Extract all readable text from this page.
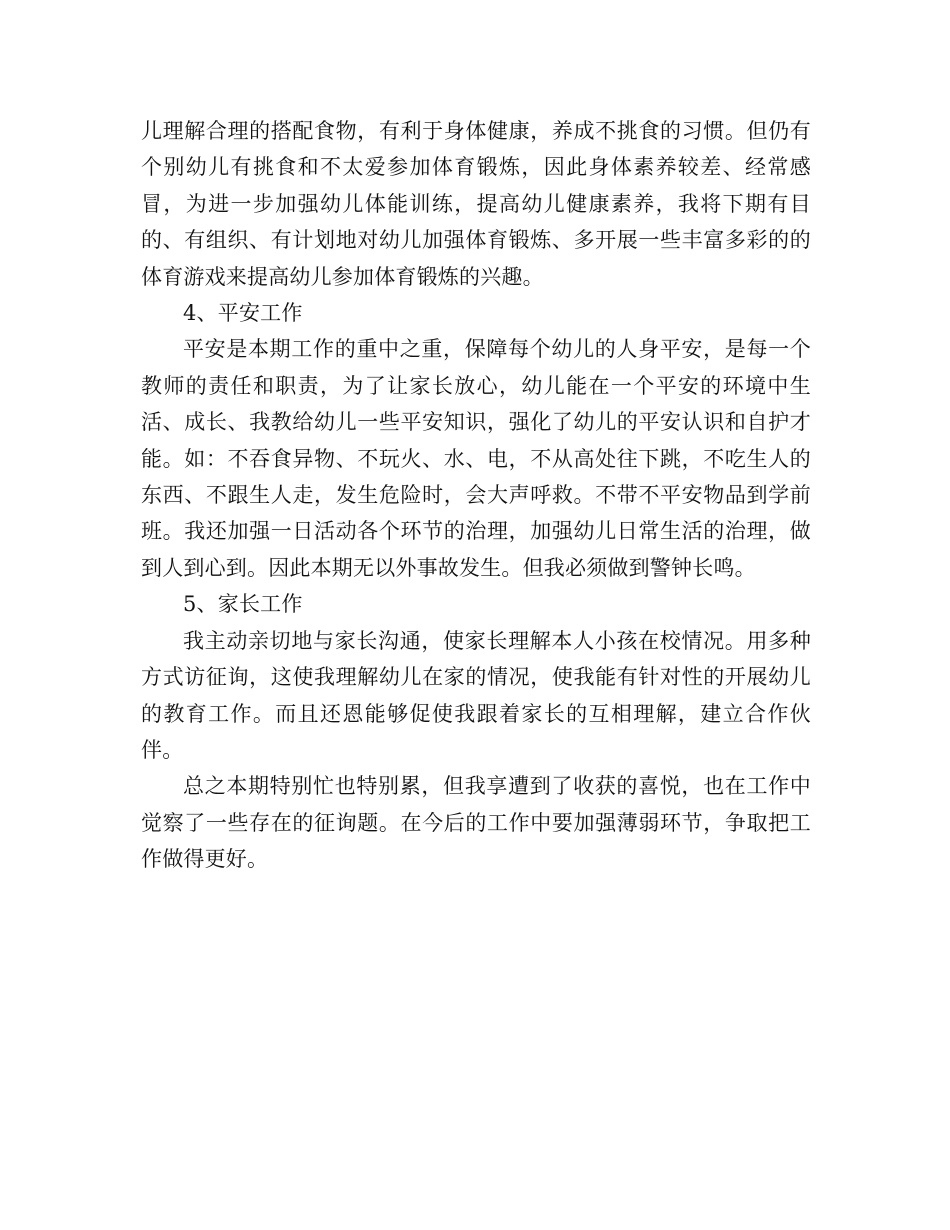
儿理解合理的搭配食物，有利于身体健康，养成不挑食的习惯。但仍有个别幼儿有挑食和不太爱参加体育锻炼，因此身体素养较差、经常感冒，为进一步加强幼儿体能训练，提高幼儿健康素养，我将下期有目的、有组织、有计划地对幼儿加强体育锻炼、多开展一些丰富多彩的的体育游戏来提高幼儿参加体育锻炼的兴趣。

4、平安工作

平安是本期工作的重中之重，保障每个幼儿的人身平安，是每一个教师的责任和职责，为了让家长放心，幼儿能在一个平安的环境中生活、成长、我教给幼儿一些平安知识，强化了幼儿的平安认识和自护才能。如：不吞食异物、不玩火、水、电，不从高处往下跳，不吃生人的东西、不跟生人走，发生危险时，会大声呼救。不带不平安物品到学前班。我还加强一日活动各个环节的治理，加强幼儿日常生活的治理，做到人到心到。因此本期无以外事故发生。但我必须做到警钟长鸣。

5、家长工作

我主动亲切地与家长沟通，使家长理解本人小孩在校情况。用多种方式访征询，这使我理解幼儿在家的情况，使我能有针对性的开展幼儿的教育工作。而且还恩能够促使我跟着家长的互相理解，建立合作伙伴。

总之本期特别忙也特别累，但我享遭到了收获的喜悦，也在工作中觉察了一些存在的征询题。在今后的工作中要加强薄弱环节，争取把工作做得更好。
